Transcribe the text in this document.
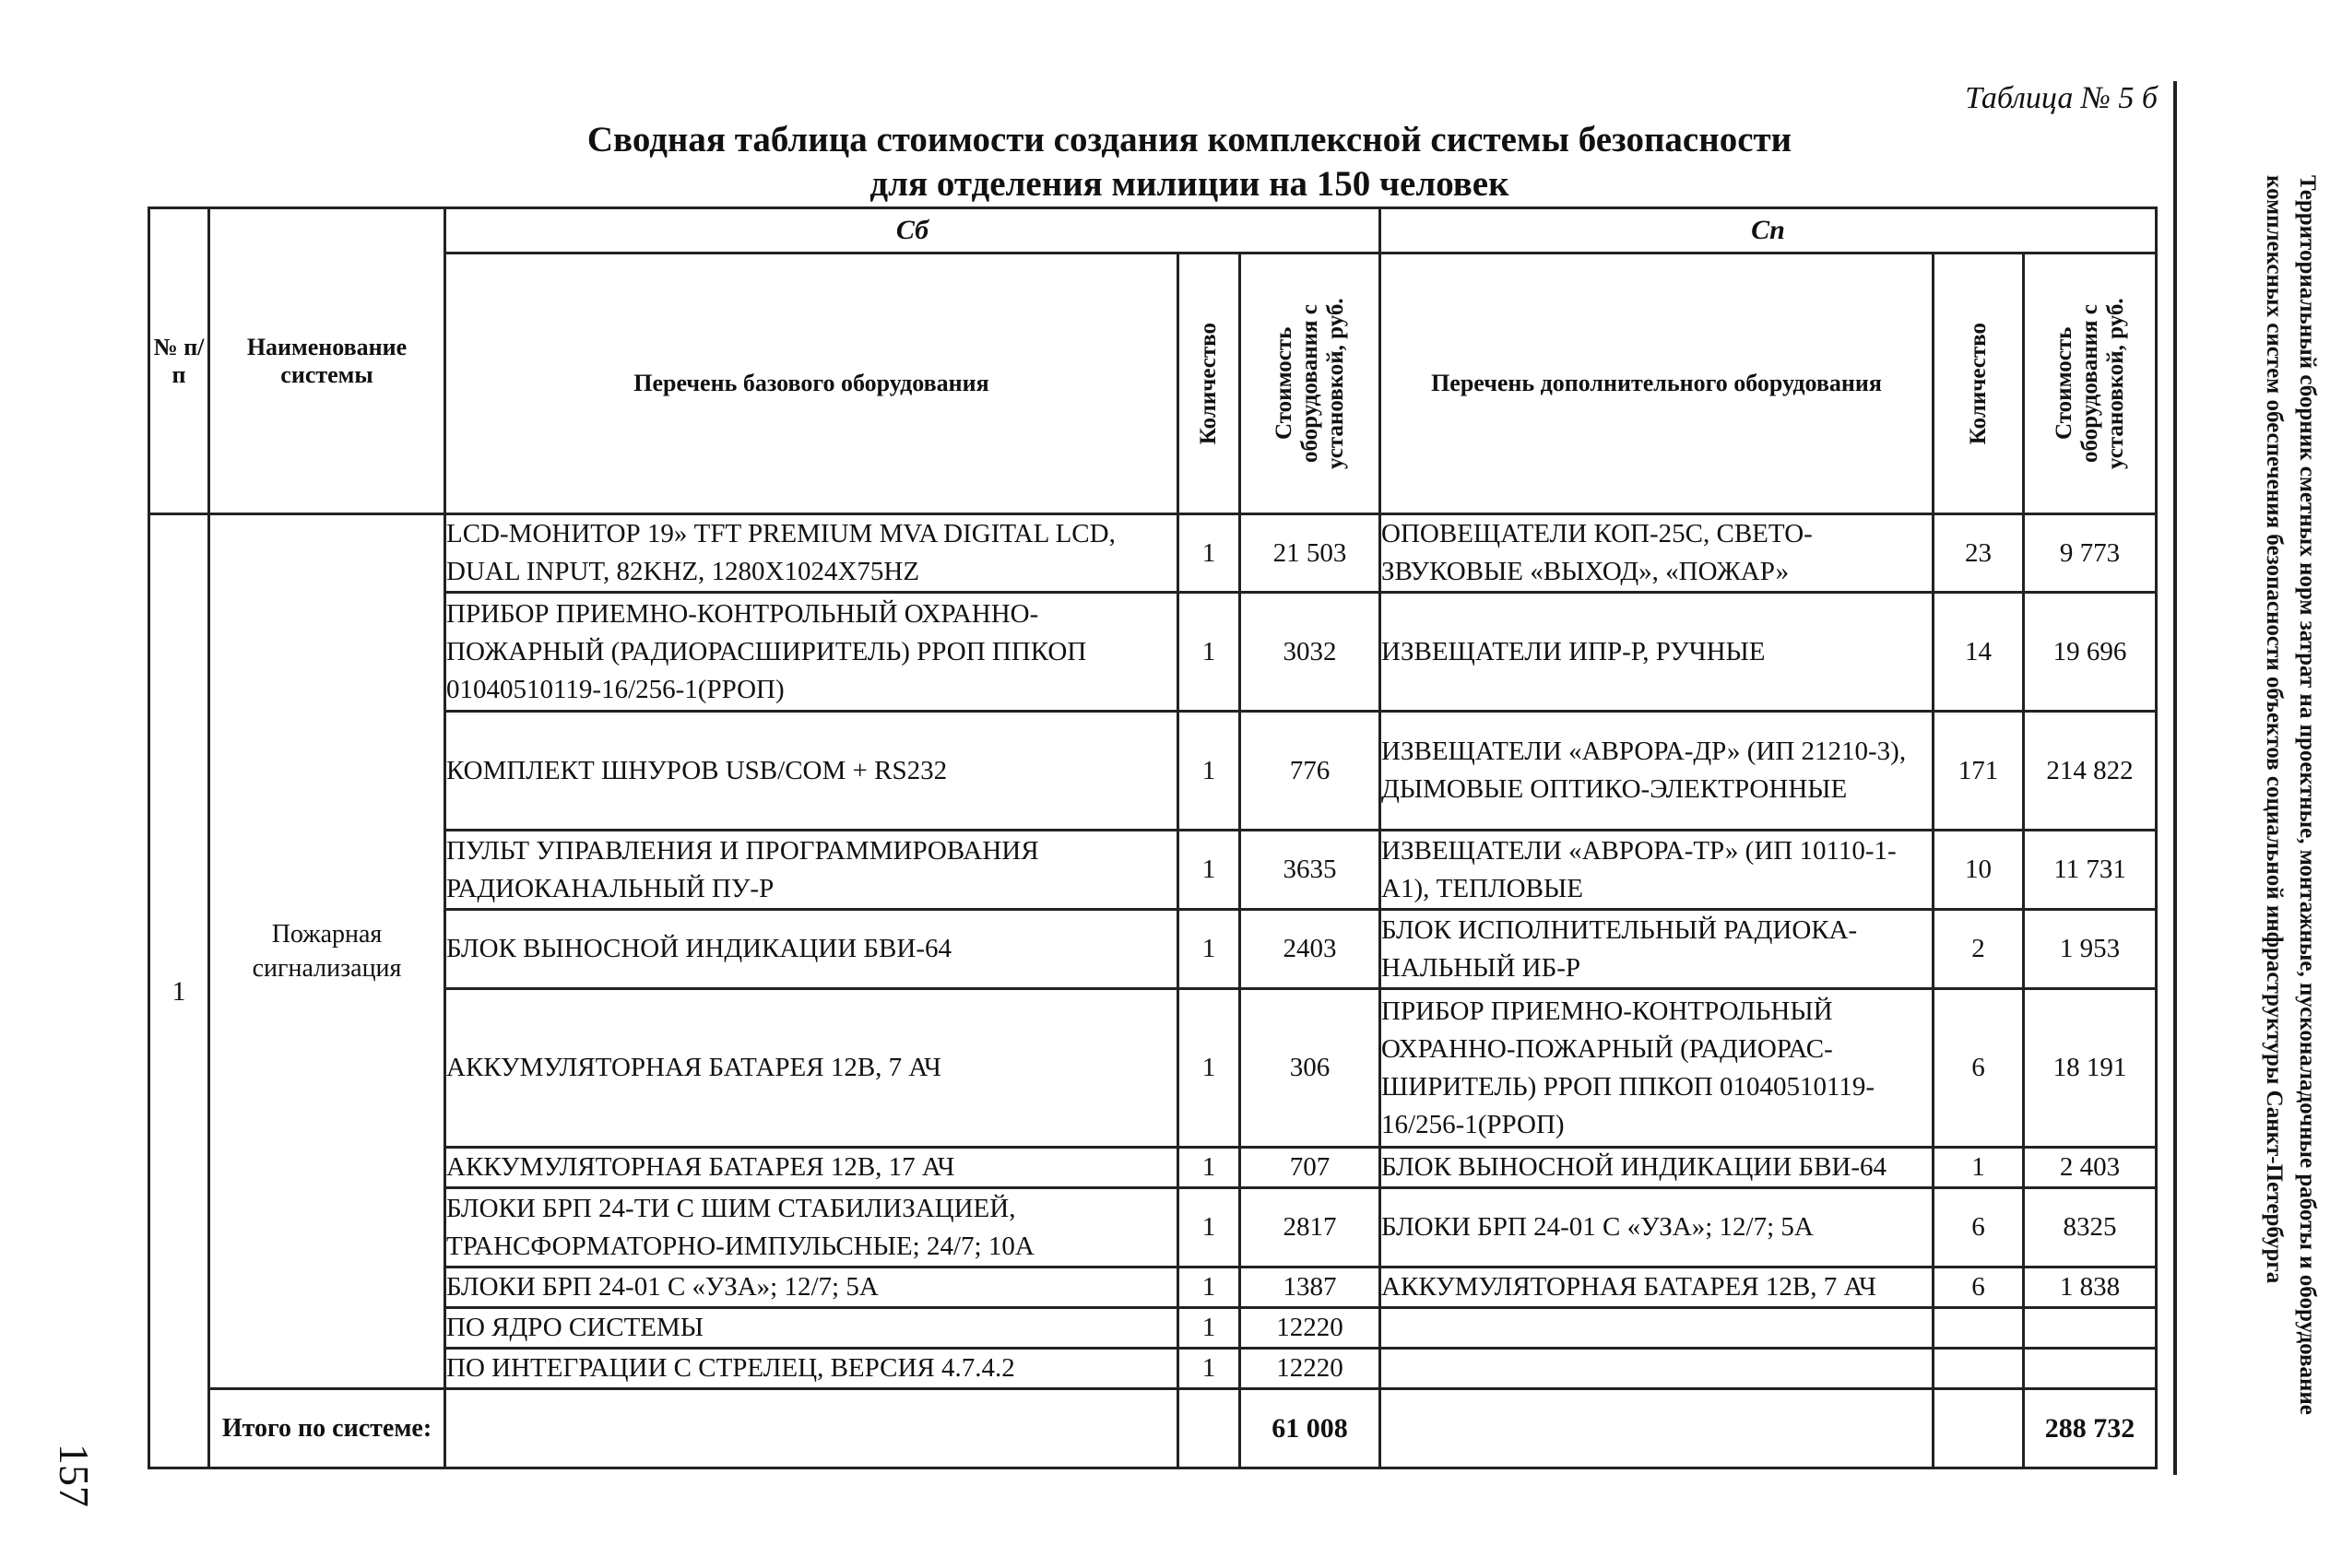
Таблица № 5 б
Сводная таблица стоимости создания комплексной системы безопасности
для отделения милиции на 150 человек	Территориальный сборник сметных норм затрат на проектные, монтажные, пусконаладочные работы и оборудование
комплексных систем обеспечения безопасности объектов социальной инфраструктуры Санкт-Петербурга
157
№ п/п	Наименование системы	Сб			Сп		
		Перечень базового оборудования	Количество	Стоимость оборудования с установкой, руб.	Перечень дополнительного оборудования	Количество	Стоимость оборудования с установкой, руб.

1	Пожарная сигнализация	LCD-МОНИТОР 19» TFT PREMIUM MVA DIGITAL LCD, DUAL INPUT, 82KHZ, 1280X1024X75HZ	1	21 503	ОПОВЕЩАТЕЛИ КОП-25С, СВЕТО-ЗВУКОВЫЕ «ВЫХОД», «ПОЖАР»	23	9 773
		ПРИБОР ПРИЕМНО-КОНТРОЛЬНЫЙ ОХРАННО-ПОЖАРНЫЙ (РАДИОРАСШИРИТЕЛЬ) РРОП ППКОП 01040510119-16/256-1(РРОП)	1	3032	ИЗВЕЩАТЕЛИ ИПР-Р, РУЧНЫЕ	14	19 696
		КОМПЛЕКТ ШНУРОВ USB/COM + RS232	1	776	ИЗВЕЩАТЕЛИ «АВРОРА-ДР» (ИП 21210-3), ДЫМОВЫЕ ОПТИКО-ЭЛЕКТРОННЫЕ	171	214 822
		ПУЛЬТ УПРАВЛЕНИЯ И ПРОГРАММИРОВАНИЯ РАДИОКАНАЛЬНЫЙ ПУ-Р	1	3635	ИЗВЕЩАТЕЛИ «АВРОРА-ТР» (ИП 10110-1-А1), ТЕПЛОВЫЕ	10	11 731
		БЛОК ВЫНОСНОЙ ИНДИКАЦИИ БВИ-64	1	2403	БЛОК ИСПОЛНИТЕЛЬНЫЙ РАДИОКА-НАЛЬНЫЙ ИБ-Р	2	1 953
		АККУМУЛЯТОРНАЯ БАТАРЕЯ 12В, 7 АЧ	1	306	ПРИБОР ПРИЕМНО-КОНТРОЛЬНЫЙ ОХРАННО-ПОЖАРНЫЙ (РАДИОРАС-ШИРИТЕЛЬ) РРОП ППКОП 01040510119-16/256-1(РРОП)	6	18 191
		АККУМУЛЯТОРНАЯ БАТАРЕЯ 12В, 17 АЧ	1	707	БЛОК ВЫНОСНОЙ ИНДИКАЦИИ БВИ-64	1	2 403
		БЛОКИ БРП 24-ТИ С ШИМ СТАБИЛИЗАЦИЕЙ, ТРАНСФОРМАТОРНО-ИМПУЛЬСНЫЕ; 24/7; 10А	1	2817	БЛОКИ БРП 24-01 С «УЗА»; 12/7; 5А	6	8325
		БЛОКИ БРП 24-01 С «УЗА»; 12/7; 5А	1	1387	АККУМУЛЯТОРНАЯ БАТАРЕЯ 12В, 7 АЧ	6	1 838
		ПО ЯДРО СИСТЕМЫ	1	12220			
		ПО ИНТЕГРАЦИИ С СТРЕЛЕЦ, ВЕРСИЯ 4.7.4.2	1	12220			
	Итого по системе:			61 008			288 732
